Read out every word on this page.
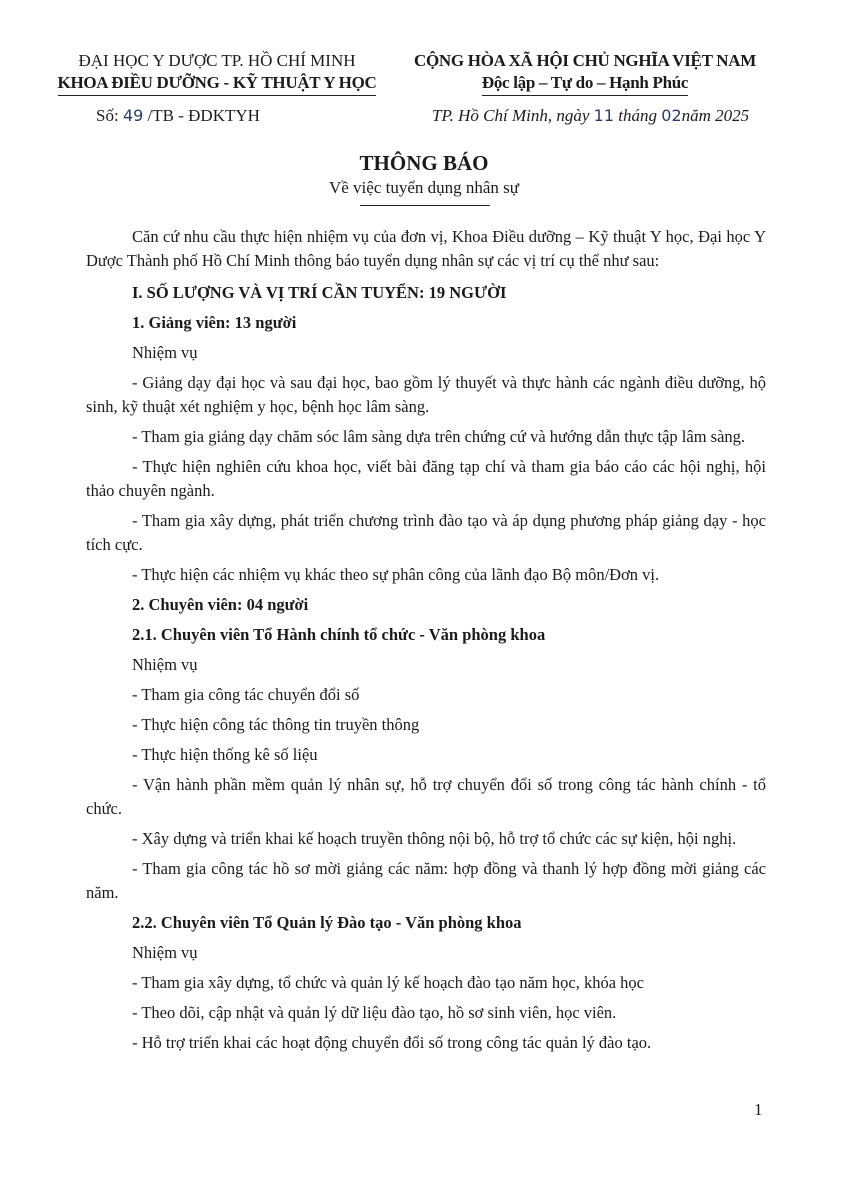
ĐẠI HỌC Y DƯỢC TP. HỒ CHÍ MINH
KHOA ĐIỀU DƯỠNG - KỸ THUẬT Y HỌC
CỘNG HÒA XÃ HỘI CHỦ NGHĨA VIỆT NAM
Độc lập – Tự do – Hạnh Phúc
Số: 49 /TB - ĐDKTYH	TP. Hồ Chí Minh, ngày 11 tháng 02năm 2025
THÔNG BÁO
Về việc tuyển dụng nhân sự

Căn cứ nhu cầu thực hiện nhiệm vụ của đơn vị, Khoa Điều dưỡng – Kỹ thuật Y học, Đại học Y Dược Thành phố Hồ Chí Minh thông báo tuyển dụng nhân sự các vị trí cụ thể như sau:

I. SỐ LƯỢNG VÀ VỊ TRÍ CẦN TUYỂN: 19 NGƯỜI

1. Giảng viên: 13 người

Nhiệm vụ

- Giảng dạy đại học và sau đại học, bao gồm lý thuyết và thực hành các ngành điều dưỡng, hộ sinh, kỹ thuật xét nghiệm y học, bệnh học lâm sàng.

- Tham gia giảng dạy chăm sóc lâm sàng dựa trên chứng cứ và hướng dẫn thực tập lâm sàng.

- Thực hiện nghiên cứu khoa học, viết bài đăng tạp chí và tham gia báo cáo các hội nghị, hội thảo chuyên ngành.

- Tham gia xây dựng, phát triển chương trình đào tạo và áp dụng phương pháp giảng dạy - học tích cực.

- Thực hiện các nhiệm vụ khác theo sự phân công của lãnh đạo Bộ môn/Đơn vị.

2. Chuyên viên: 04 người

2.1. Chuyên viên Tổ Hành chính tổ chức - Văn phòng khoa

Nhiệm vụ

- Tham gia công tác chuyển đổi số

- Thực hiện công tác thông tin truyền thông

- Thực hiện thống kê số liệu

- Vận hành phần mềm quản lý nhân sự, hỗ trợ chuyển đổi số trong công tác hành chính - tổ chức.

- Xây dựng và triển khai kế hoạch truyền thông nội bộ, hỗ trợ tổ chức các sự kiện, hội nghị.

- Tham gia công tác hồ sơ mời giảng các năm: hợp đồng và thanh lý hợp đồng mời giảng các năm.

2.2. Chuyên viên Tổ Quản lý Đào tạo - Văn phòng khoa

Nhiệm vụ

- Tham gia xây dựng, tổ chức và quản lý kế hoạch đào tạo năm học, khóa học

- Theo dõi, cập nhật và quản lý dữ liệu đào tạo, hồ sơ sinh viên, học viên.

- Hỗ trợ triển khai các hoạt động chuyển đổi số trong công tác quản lý đào tạo.

1
